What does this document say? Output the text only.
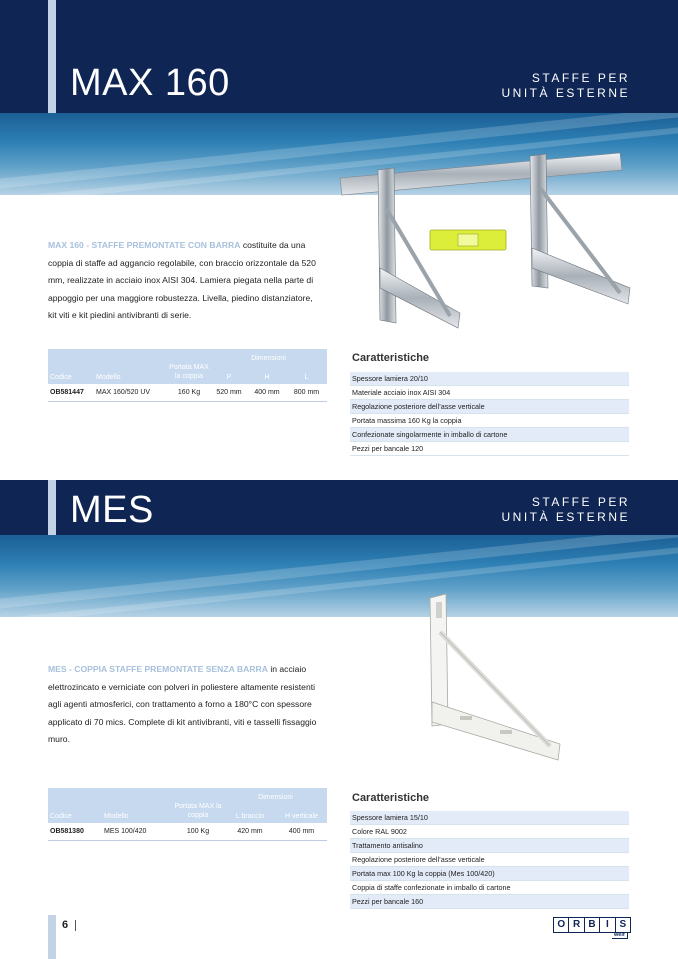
MAX 160	STAFFE PER
UNITÀ ESTERNE
MAX 160 - STAFFE PREMONTATE CON BARRA costituite da una coppia di staffe ad aggancio regolabile, con braccio orizzontale da 520 mm, realizzate in acciaio inox AISI 304. Lamiera piegata nella parte di appoggio per una maggiore robustezza. Livella, piedino distanziatore, kit viti e kit piedini antivibranti di serie.
Codice	Modello	Portata MAX la coppia	Dimensioni		
			P	H	L
OB581447	MAX 160/520 UV	160 Kg	520 mm	400 mm	800 mm
Caratteristiche
Spessore lamiera 20/10
Materiale acciaio inox AISI 304
Regolazione posteriore dell’asse verticale
Portata massima 160 Kg la coppia
Confezionate singolarmente in imballo di cartone
Pezzi per bancale 120
MES	STAFFE PER
UNITÀ ESTERNE
MES - COPPIA STAFFE PREMONTATE SENZA BARRA in acciaio elettrozincato e verniciate con polveri in poliestere altamente resistenti agli agenti atmosferici, con trattamento a forno a 180°C con spessore applicato di 70 mics. Complete di kit antivibranti, viti e tasselli fissaggio muro.
Codice	Modello	Portata MAX la coppia	Dimensioni	
			L braccio	H verticale
OB581380	MES 100/420	100 Kg	420 mm	400 mm
Caratteristiche
Spessore lamiera 15/10
Colore RAL 9002
Trattamento antisalino
Regolazione posteriore dell’asse verticale
Portata max 100 Kg la coppia (Mes 100/420)
Coppia di staffe confezionate in imballo di cartone
Pezzi per bancale 160
6	O R B	I	S
welf
